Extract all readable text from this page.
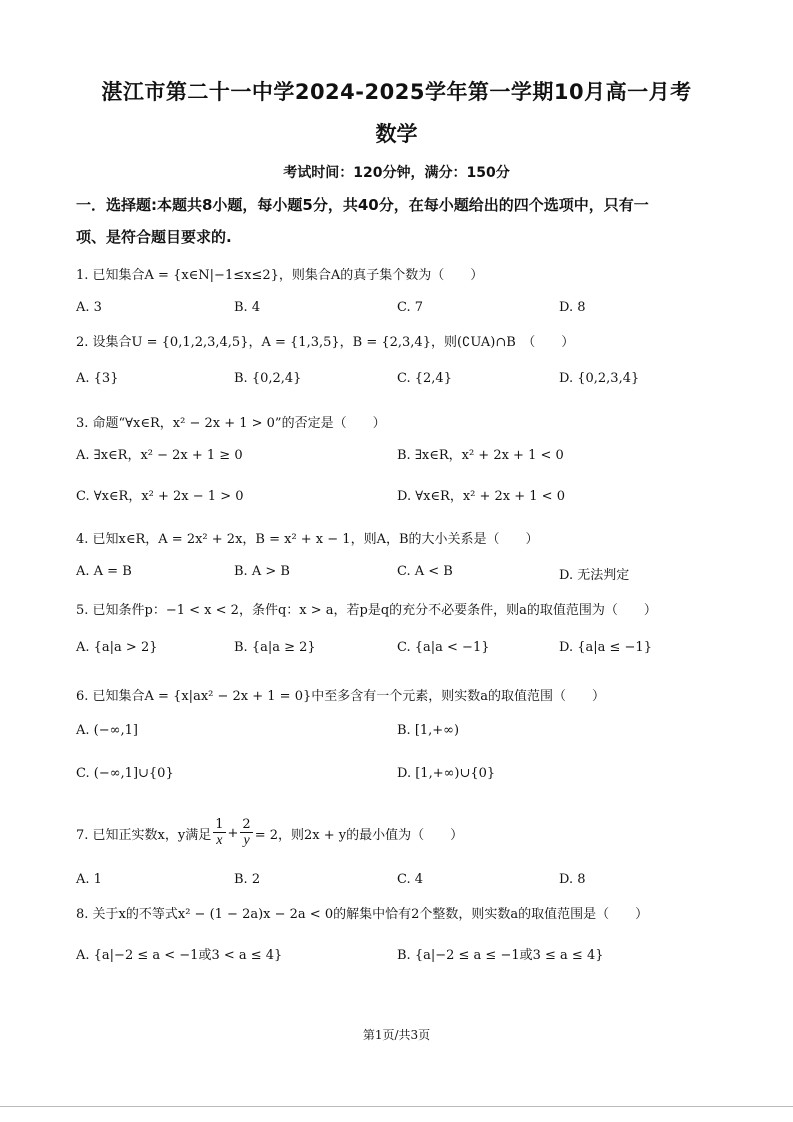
湛江市第二十一中学2024-2025学年第一学期10月高一月考
数学
考试时间：120分钟，满分：150分
一．选择题:本题共8小题，每小题5分，共40分，在每小题给出的四个选项中，只有一
项、是符合题目要求的.
1. 已知集合A = {x∈N|−1≤x≤2}，则集合A的真子集个数为（　　）
A. 3	B. 4	C. 7	D. 8
2. 设集合U = {0,1,2,3,4,5}，A = {1,3,5}，B = {2,3,4}，则(∁UA)∩B　（　　）
A. {3}	B. {0,2,4}	C. {2,4}	D. {0,2,3,4}
3. 命题“∀x∈R，x² − 2x + 1 > 0”的否定是（　　）
A. ∃x∈R，x² − 2x + 1 ≥ 0	B. ∃x∈R，x² + 2x + 1 < 0
C. ∀x∈R，x² + 2x − 1 > 0	D. ∀x∈R，x² + 2x + 1 < 0
4. 已知x∈R，A = 2x² + 2x，B = x² + x − 1，则A，B的大小关系是（　　）
A. A = B	B. A > B	C. A < B	D. 无法判定
5. 已知条件p：−1 < x < 2，条件q：x > a，若p是q的充分不必要条件，则a的取值范围为（　　）
A. {a|a > 2}	B. {a|a ≥ 2}	C. {a|a < −1}	D. {a|a ≤ −1}
6. 已知集合A = {x|ax² − 2x + 1 = 0}中至多含有一个元素，则实数a的取值范围（　　）
A. (−∞,1]	B. [1,+∞)
C. (−∞,1]∪{0}	D. [1,+∞)∪{0}
7. 已知正实数x，y满足 $\frac{1}{x} + \frac{2}{y} = 2$，则2x + y的最小值为（　　）
A. 1	B. 2	C. 4	D. 8
8. 关于x的不等式x² − (1 − 2a)x − 2a < 0的解集中恰有2个整数，则实数a的取值范围是（　　）
A. {a|−2 ≤ a < −1或3 < a ≤ 4}	B. {a|−2 ≤ a ≤ −1或3 ≤ a ≤ 4}
第1页/共3页
